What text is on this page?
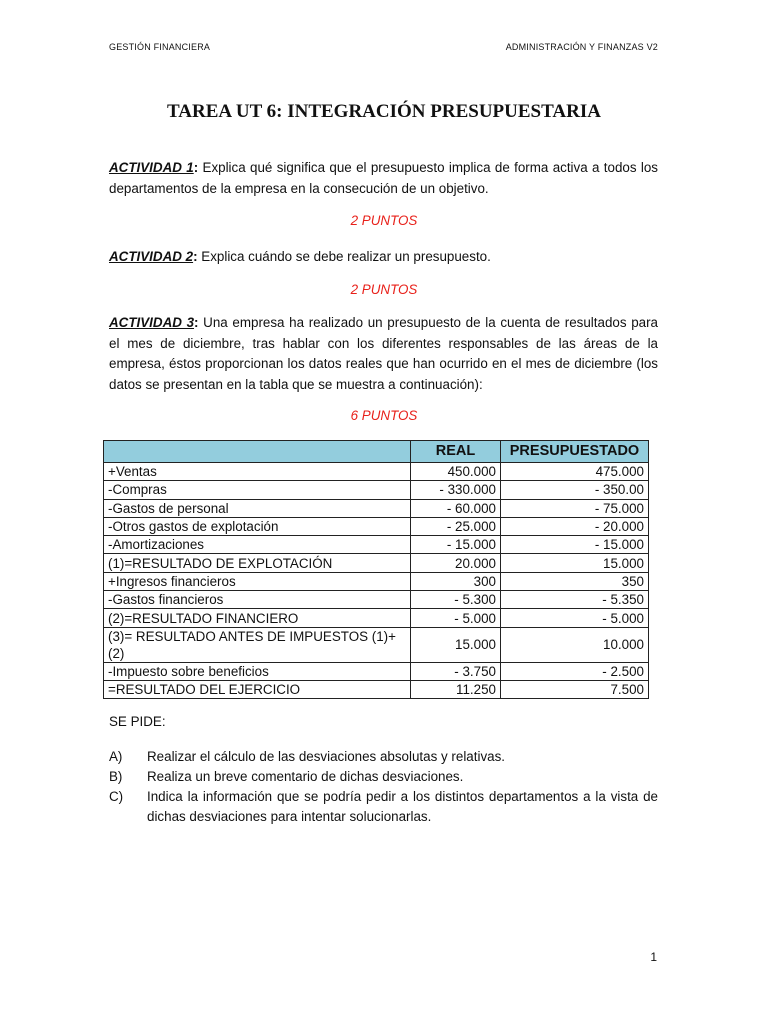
GESTIÓN FINANCIERA	ADMINISTRACIÓN Y FINANZAS V2
TAREA UT 6: INTEGRACIÓN PRESUPUESTARIA
ACTIVIDAD 1: Explica qué significa que el presupuesto implica de forma activa a todos los departamentos de la empresa en la consecución de un objetivo.
2 PUNTOS
ACTIVIDAD 2: Explica cuándo se debe realizar un presupuesto.
2 PUNTOS
ACTIVIDAD 3: Una empresa ha realizado un presupuesto de la cuenta de resultados para el mes de diciembre, tras hablar con los diferentes responsables de las áreas de la empresa, éstos proporcionan los datos reales que han ocurrido en el mes de diciembre (los datos se presentan en la tabla que se muestra a continuación):
6 PUNTOS
	REAL	PRESUPUESTADO
+Ventas	450.000	475.000
-Compras	- 330.000	- 350.00
-Gastos de personal	- 60.000	- 75.000
-Otros gastos de explotación	- 25.000	- 20.000
-Amortizaciones	- 15.000	- 15.000
(1)=RESULTADO DE EXPLOTACIÓN	20.000	15.000
+Ingresos financieros	300	350
-Gastos financieros	- 5.300	- 5.350
(2)=RESULTADO FINANCIERO	- 5.000	- 5.000
(3)= RESULTADO ANTES DE IMPUESTOS (1)+(2)	15.000	10.000
-Impuesto sobre beneficios	- 3.750	- 2.500
=RESULTADO DEL EJERCICIO	11.250	7.500
SE PIDE:
A)	Realizar el cálculo de las desviaciones absolutas y relativas.
B)	Realiza un breve comentario de dichas desviaciones.
C)	Indica la información que se podría pedir a los distintos departamentos a la vista de dichas desviaciones para intentar solucionarlas.
1
